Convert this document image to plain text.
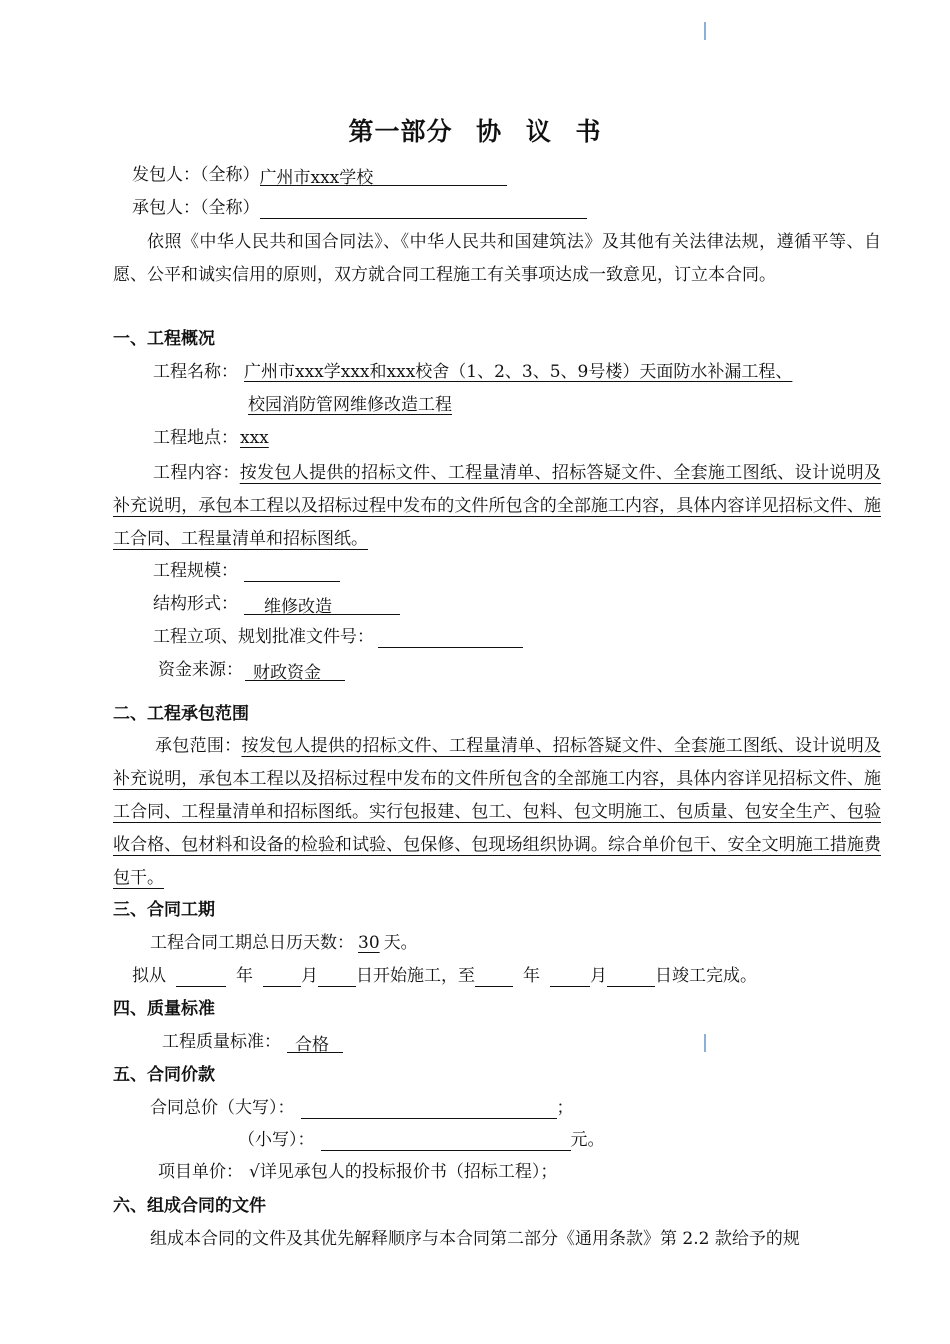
第一部分 协 议 书
发包人：（全称）广州市xxx学校
承包人：（全称）
依照《中华人民共和国合同法》、《中华人民共和国建筑法》及其他有关法律法规，遵循平等、自愿、公平和诚实信用的原则，双方就合同工程施工有关事项达成一致意见，订立本合同。
一、工程概况
工程名称： 广州市xxx学xxx和xxx校舍（1、2、3、5、9号楼）天面防水补漏工程、
校园消防管网维修改造工程
工程地点： xxx
工程内容：按发包人提供的招标文件、工程量清单、招标答疑文件、全套施工图纸、设计说明及补充说明，承包本工程以及招标过程中发布的文件所包含的全部施工内容，具体内容详见招标文件、施工合同、工程量清单和招标图纸。
工程规模：
结构形式： 维修改造
工程立项、规划批准文件号：
资金来源： 财政资金
二、工程承包范围
承包范围：按发包人提供的招标文件、工程量清单、招标答疑文件、全套施工图纸、设计说明及补充说明，承包本工程以及招标过程中发布的文件所包含的全部施工内容，具体内容详见招标文件、施工合同、工程量清单和招标图纸。实行包报建、包工、包料、包文明施工、包质量、包安全生产、包验收合格、包材料和设备的检验和试验、包保修、包现场组织协调。综合单价包干、安全文明施工措施费包干。
三、合同工期
工程合同工期总日历天数： 30 天。
拟从	年	月 日开始施工，至	年	月	日竣工完成。
四、质量标准
工程质量标准： 合格
五、合同价款
合同总价（大写）：	；
（小写）：	元。
项目单价： √详见承包人的投标报价书（招标工程）；
六、组成合同的文件
组成本合同的文件及其优先解释顺序与本合同第二部分《通用条款》第 2.2 款给予的规
